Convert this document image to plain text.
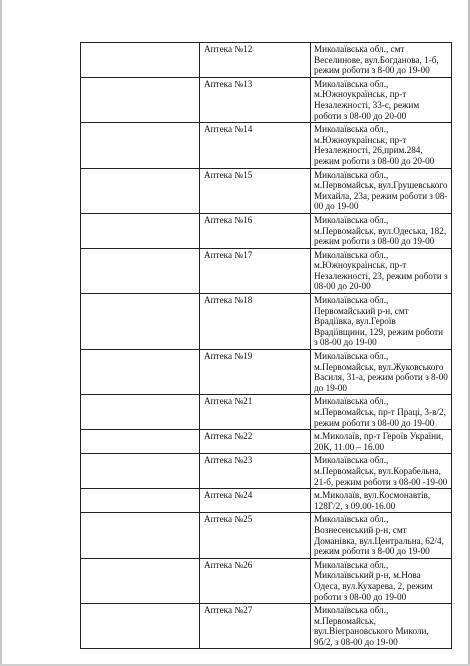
	Аптека №12	Миколаївська обл., смт Веселинове, вул.Богданова, 1-б, режим роботи з 8-00 до 19-00
	Аптека №13	Миколаївська обл., м.Южноукраїнськ, пр-т Незалежності, 33-є, режим роботи з 08-00 до 20-00
	Аптека №14	Миколаївська обл., м.Южноукраїнськ, пр-т Незалежності, 26,прим.284, режим роботи з 08-00 до 20-00
	Аптека №15	Миколаївська обл., м.Первомайськ, вул.Грушевського Михайла, 23а, режим роботи з 08-00 до 19-00
	Аптека №16	Миколаївська обл., м.Первомайськ, вул.Одеська, 182, режим роботи з 08-00 до 19-00
	Аптека №17	Миколаївська обл., м.Южноукраїнськ, пр-т Незалежності, 23, режим роботи з 08-00 до 20-00
	Аптека №18	Миколаївська обл., Первомайський р-н, смт Врадіївка, вул.Героїв Врадіївщини, 129, режим роботи з 08-00 до 19-00
	Аптека №19	Миколаївська обл., м.Первомайськ, вул.Жуковського Василя, 31-а, режим роботи з 8-00 до 19-00
	Аптека №21	Миколаївська обл., м.Первомайськ, пр-т Праці, 3-в/2, режим роботи з 08-00 до 19-00
	Аптека №22	м.Миколаїв, пр-т Героїв України, 20К, 11.00 – 16.00
	Аптека №23	Миколаївська обл., м.Первомайськ, вул.Корабельна, 21-б, режим роботи з 08-00 -19-00
	Аптека №24	м.Миколаїв, вул.Космонавтів, 128Г/2, з 09.00-16.00
	Аптека №25	Миколаївська обл., Вознесенський р-н, смт Доманівка, вул.Центральна, 62/4, режим роботи з 8-00 до 19-00
	Аптека №26	Миколаївська обл., Миколаївський р-н, м.Нова Одеса, вул.Кухарева, 2, режим роботи з 08-00 до 19-00
	Аптека №27	Миколаївська обл., м.Первомайськ, вул.Віеграновського Миколи, 9б/2, з 08-00 до 19-00
